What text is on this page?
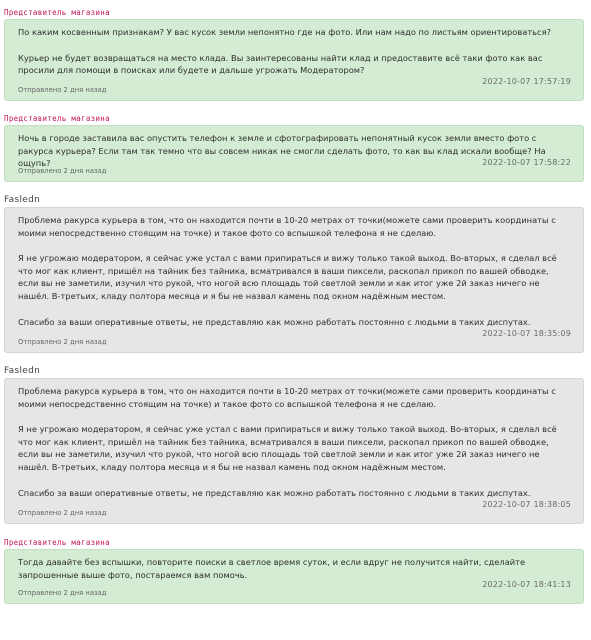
Представитель магазина
По каким косвенным признакам? У вас кусок земли непонятно где на фото. Или нам надо по листьям ориентироваться?
Курьер не будет возвращаться на место клада. Вы заинтересованы найти клад и предоставите всё таки фото как вас просили для помощи в поисках или будете и дальше угрожать Модератором?
Отправлено 2 дня назад
2022-10-07 17:57:19
Представитель магазина
Ночь в городе заставила вас опустить телефон к земле и сфотографировать непонятный кусок земли вместо фото с ракурса курьера? Если там так темно что вы совсем никак не смогли сделать фото, то как вы клад искали вообще? На ощупь?
Отправлено 2 дня назад
2022-10-07 17:58:22
Fasledn
Проблема ракурса курьера в том, что он находится почти в 10-20 метрах от точки(можете сами проверить координаты с моими непосредственно стоящим на точке) и такое фото со вспышкой телефона я не сделаю.
Я не угрожаю модератором, я сейчас уже устал с вами припираться и вижу только такой выход. Во-вторых, я сделал всё что мог как клиент, пришёл на тайник без тайника, всматривался в ваши пиксели, раскопал прикоп по вашей обводке, если вы не заметили, изучил что рукой, что ногой всю площадь той светлой земли и как итог уже 2й заказ ничего не нашёл. В-третьих, кладу полтора месяца и я бы не назвал камень под окном надёжным местом.
Спасибо за ваши оперативные ответы, не представляю как можно работать постоянно с людьми в таких диспутах.
Отправлено 2 дня назад
2022-10-07 18:35:09
Fasledn
Проблема ракурса курьера в том, что он находится почти в 10-20 метрах от точки(можете сами проверить координаты с моими непосредственно стоящим на точке) и такое фото со вспышкой телефона я не сделаю.
Я не угрожаю модератором, я сейчас уже устал с вами припираться и вижу только такой выход. Во-вторых, я сделал всё что мог как клиент, пришёл на тайник без тайника, всматривался в ваши пиксели, раскопал прикоп по вашей обводке, если вы не заметили, изучил что рукой, что ногой всю площадь той светлой земли и как итог уже 2й заказ ничего не нашёл. В-третьих, кладу полтора месяца и я бы не назвал камень под окном надёжным местом.
Спасибо за ваши оперативные ответы, не представляю как можно работать постоянно с людьми в таких диспутах.
Отправлено 2 дня назад
2022-10-07 18:38:05
Представитель магазина
Тогда давайте без вспышки, повторите поиски в светлое время суток, и если вдруг не получится найти, сделайте запрошенные выше фото, постараемся вам помочь.
Отправлено 2 дня назад
2022-10-07 18:41:13
